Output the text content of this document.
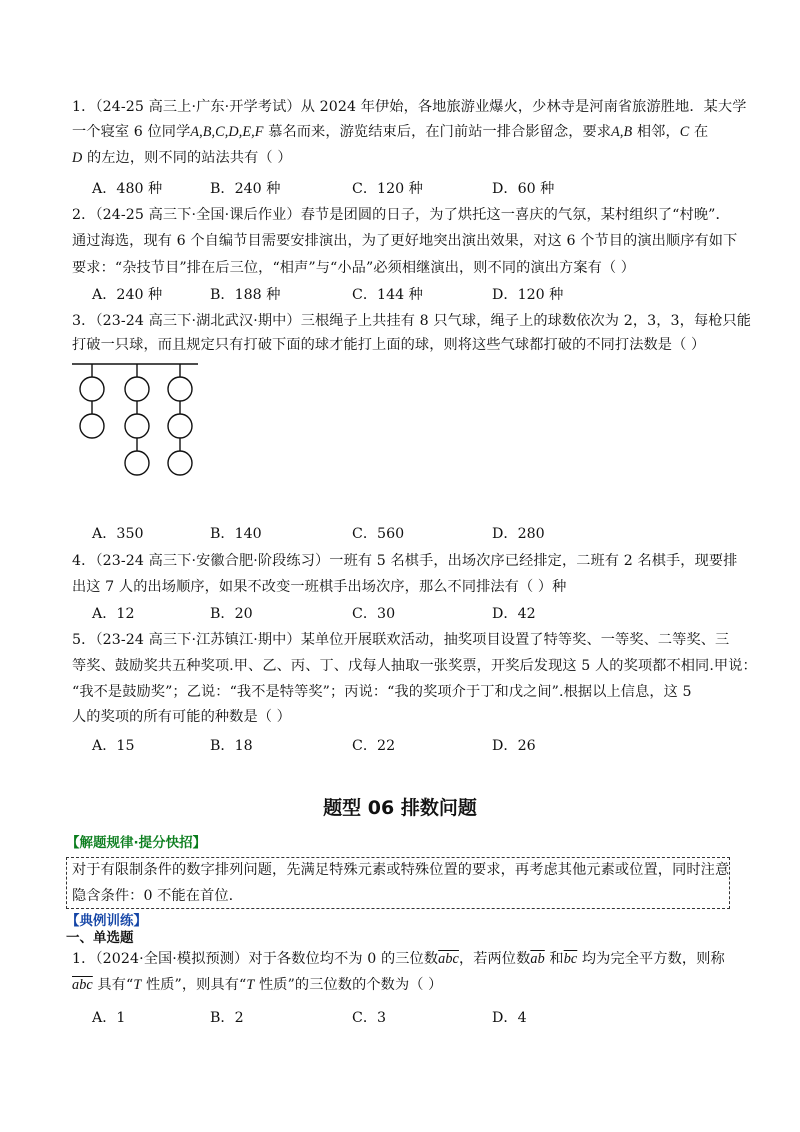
1．（24-25 高三上·广东·开学考试）从 2024 年伊始，各地旅游业爆火，少林寺是河南省旅游胜地．某大学
一个寝室 6 位同学A,B,C,D,E,F 慕名而来，游览结束后，在门前站一排合影留念，要求A,B 相邻，C 在
D 的左边，则不同的站法共有（ ）
A．480 种	B．240 种	C．120 种	D．60 种
2．（24-25 高三下·全国·课后作业）春节是团圆的日子，为了烘托这一喜庆的气氛，某村组织了“村晚”．
通过海选，现有 6 个自编节目需要安排演出，为了更好地突出演出效果，对这 6 个节目的演出顺序有如下
要求：“杂技节目”排在后三位，“相声”与“小品”必须相继演出，则不同的演出方案有（ ）
A．240 种	B．188 种	C．144 种	D．120 种
3．（23-24 高三下·湖北武汉·期中）三根绳子上共挂有 8 只气球，绳子上的球数依次为 2，3，3，每枪只能
打破一只球，而且规定只有打破下面的球才能打上面的球，则将这些气球都打破的不同打法数是（ ）
A．350	B．140	C．560	D．280
4．（23-24 高三下·安徽合肥·阶段练习）一班有 5 名棋手，出场次序已经排定，二班有 2 名棋手，现要排
出这 7 人的出场顺序，如果不改变一班棋手出场次序，那么不同排法有（ ）种
A．12	B．20	C．30	D．42
5．（23-24 高三下·江苏镇江·期中）某单位开展联欢活动，抽奖项目设置了特等奖、一等奖、二等奖、三
等奖、鼓励奖共五种奖项.甲、乙、丙、丁、戊每人抽取一张奖票，开奖后发现这 5 人的奖项都不相同.甲说：
“我不是鼓励奖”；乙说：“我不是特等奖”；丙说：“我的奖项介于丁和戊之间”.根据以上信息，这 5
人的奖项的所有可能的种数是（ ）
A．15	B．18	C．22	D．26
题型 06 排数问题
【解题规律·提分快招】
对于有限制条件的数字排列问题，先满足特殊元素或特殊位置的要求，再考虑其他元素或位置，同时注意
隐含条件：0 不能在首位.
【典例训练】
一、单选题
1．（2024·全国·模拟预测）对于各数位均不为 0 的三位数$\overline{abc}$，若两位数$\overline{ab}$ 和$\overline{bc}$ 均为完全平方数，则称
$\overline{abc}$ 具有“T 性质”，则具有“T 性质”的三位数的个数为（ ）
A．1	B．2	C．3	D．4
